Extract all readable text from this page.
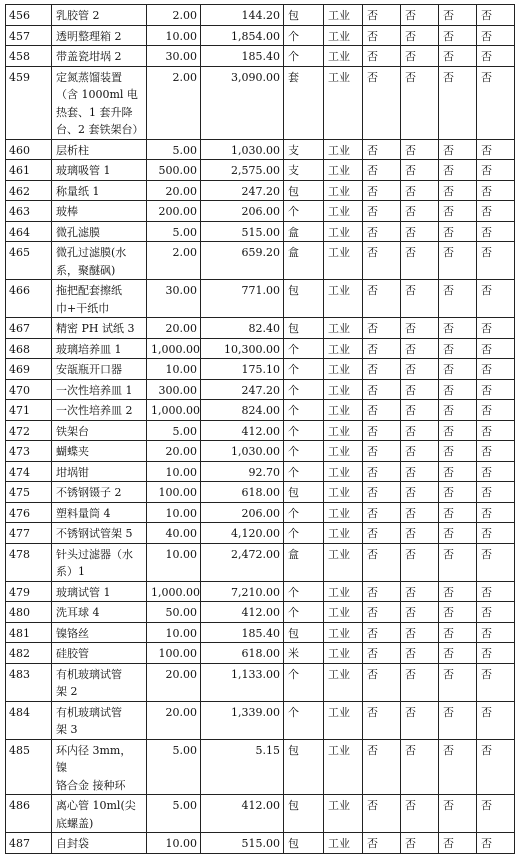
456	乳胶管 2	2.00	144.20	包	工业	否	否	否	否
457	透明整理箱 2	10.00	1,854.00	个	工业	否	否	否	否
458	带盖瓷坩埚 2	30.00	185.40	个	工业	否	否	否	否
459	定氮蒸馏装置
（含 1000ml 电
热套、1 套升降
台、2 套铁架台）	2.00	3,090.00	套	工业	否	否	否	否
460	层析柱	5.00	1,030.00	支	工业	否	否	否	否
461	玻璃吸管 1	500.00	2,575.00	支	工业	否	否	否	否
462	称量纸 1	20.00	247.20	包	工业	否	否	否	否
463	玻棒	200.00	206.00	个	工业	否	否	否	否
464	微孔滤膜	5.00	515.00	盒	工业	否	否	否	否
465	微孔过滤膜(水
系，聚醚砜)	2.00	659.20	盒	工业	否	否	否	否
466	拖把配套擦纸
巾+干纸巾	30.00	771.00	包	工业	否	否	否	否
467	精密 PH 试纸 3	20.00	82.40	包	工业	否	否	否	否
468	玻璃培养皿 1	1,000.00	10,300.00	个	工业	否	否	否	否
469	安瓿瓶开口器	10.00	175.10	个	工业	否	否	否	否
470	一次性培养皿 1	300.00	247.20	个	工业	否	否	否	否
471	一次性培养皿 2	1,000.00	824.00	个	工业	否	否	否	否
472	铁架台	5.00	412.00	个	工业	否	否	否	否
473	蝴蝶夹	20.00	1,030.00	个	工业	否	否	否	否
474	坩埚钳	10.00	92.70	个	工业	否	否	否	否
475	不锈钢镊子 2	100.00	618.00	包	工业	否	否	否	否
476	塑料量筒 4	10.00	206.00	个	工业	否	否	否	否
477	不锈钢试管架 5	40.00	4,120.00	个	工业	否	否	否	否
478	针头过滤器（水
系）1	10.00	2,472.00	盒	工业	否	否	否	否
479	玻璃试管 1	1,000.00	7,210.00	个	工业	否	否	否	否
480	洗耳球 4	50.00	412.00	个	工业	否	否	否	否
481	镍铬丝	10.00	185.40	包	工业	否	否	否	否
482	硅胶管	100.00	618.00	米	工业	否	否	否	否
483	有机玻璃试管
架 2	20.00	1,133.00	个	工业	否	否	否	否
484	有机玻璃试管
架 3	20.00	1,339.00	个	工业	否	否	否	否
485	环内径 3mm，镍
铬合金 接种环	5.00	5.15	包	工业	否	否	否	否
486	离心管 10ml(尖
底螺盖)	5.00	412.00	包	工业	否	否	否	否
487	自封袋	10.00	515.00	包	工业	否	否	否	否
